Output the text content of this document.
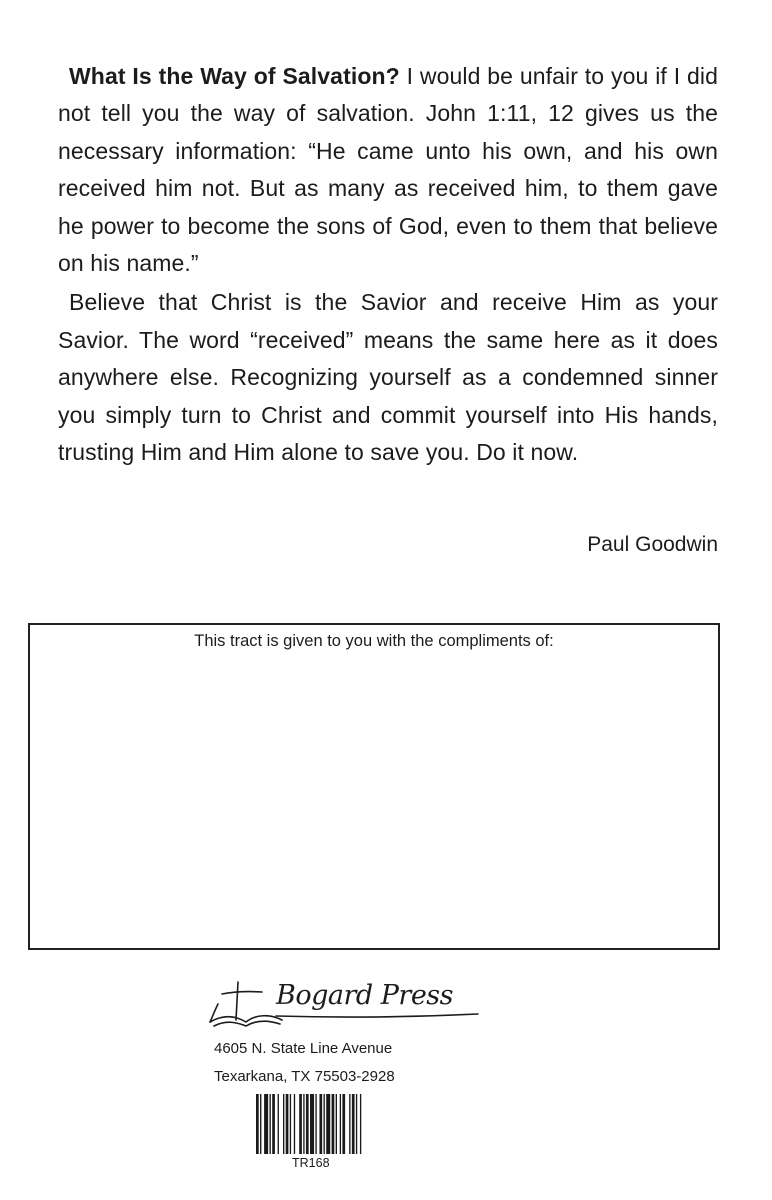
What Is the Way of Salvation? I would be unfair to you if I did not tell you the way of salvation. John 1:11, 12 gives us the necessary information: “He came unto his own, and his own received him not. But as many as received him, to them gave he power to become the sons of God, even to them that believe on his name.”

Believe that Christ is the Savior and receive Him as your Savior. The word “received” means the same here as it does anywhere else. Recognizing yourself as a condemned sinner you simply turn to Christ and commit yourself into His hands, trusting Him and Him alone to save you. Do it now.

Paul Goodwin
This tract is given to you with the compliments of:
Bogard Press
4605 N. State Line Avenue
Texarkana, TX 75503-2928
TR168
